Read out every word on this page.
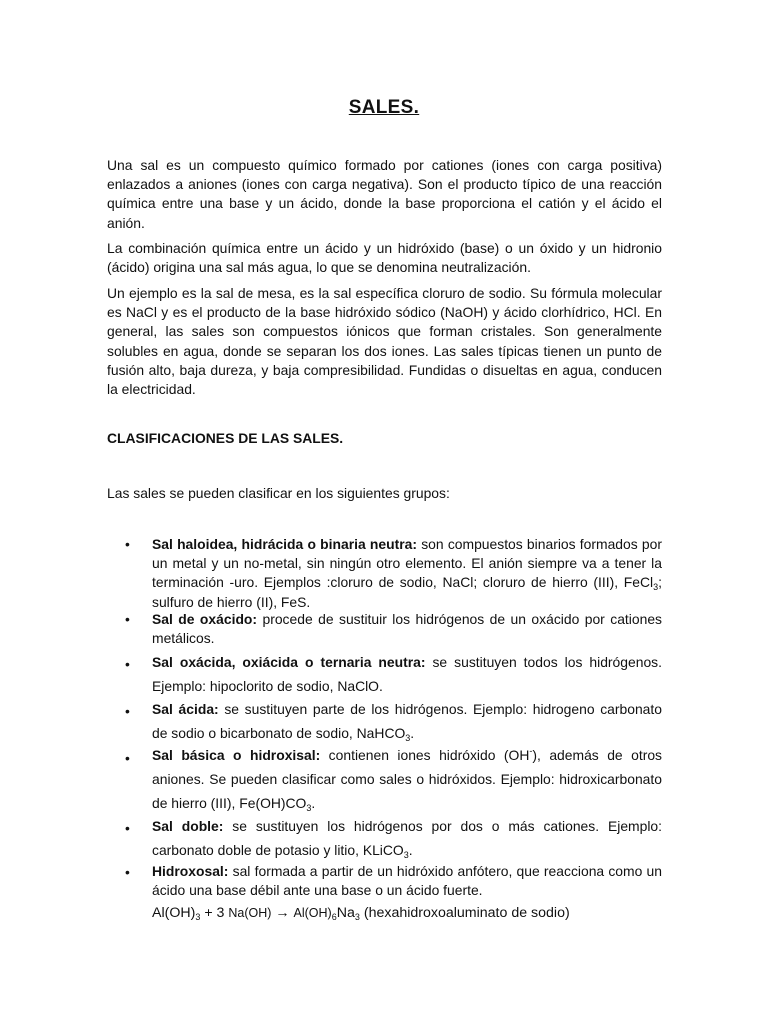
SALES.

Una sal es un compuesto químico formado por cationes (iones con carga positiva) enlazados a aniones (iones con carga negativa). Son el producto típico de una reacción química entre una base y un ácido, donde la base proporciona el catión y el ácido el anión.

La combinación química entre un ácido y un hidróxido (base) o un óxido y un hidronio (ácido) origina una sal más agua, lo que se denomina neutralización.

Un ejemplo es la sal de mesa, es la sal específica cloruro de sodio. Su fórmula molecular es NaCl y es el producto de la base hidróxido sódico (NaOH) y ácido clorhídrico, HCl. En general, las sales son compuestos iónicos que forman cristales. Son generalmente solubles en agua, donde se separan los dos iones. Las sales típicas tienen un punto de fusión alto, baja dureza, y baja compresibilidad. Fundidas o disueltas en agua, conducen la electricidad.

CLASIFICACIONES DE LAS SALES.

Las sales se pueden clasificar en los siguientes grupos:

• Sal haloidea, hidrácida o binaria neutra: son compuestos binarios formados por un metal y un no-metal, sin ningún otro elemento. El anión siempre va a tener la terminación -uro. Ejemplos :cloruro de sodio, NaCl; cloruro de hierro (III), FeCl$_3$; sulfuro de hierro (II), FeS.

• Sal de oxácido: procede de sustituir los hidrógenos de un oxácido por cationes metálicos.

• Sal oxácida, oxiácida o ternaria neutra: se sustituyen todos los hidrógenos. Ejemplo: hipoclorito de sodio, NaClO.

• Sal ácida: se sustituyen parte de los hidrógenos. Ejemplo: hidrogeno carbonato de sodio o bicarbonato de sodio, NaHCO$_3$.

• Sal básica o hidroxisal: contienen iones hidróxido (OH-), además de otros aniones. Se pueden clasificar como sales o hidróxidos. Ejemplo: hidroxicarbonato de hierro (III), $Fe(OH)CO_3$.

• Sal doble: se sustituyen los hidrógenos por dos o más cationes. Ejemplo: carbonato doble de potasio y litio, KLiCO$_3$.

• Hidroxosal: sal formada a partir de un hidróxido anfótero, que reacciona como un ácido una base débil ante una base o un ácido fuerte.

$Al(OH)_3 + 3$ $Na(OH) \to Al(OH)_6Na_3$ (hexahidroxoaluminato de sodio)
